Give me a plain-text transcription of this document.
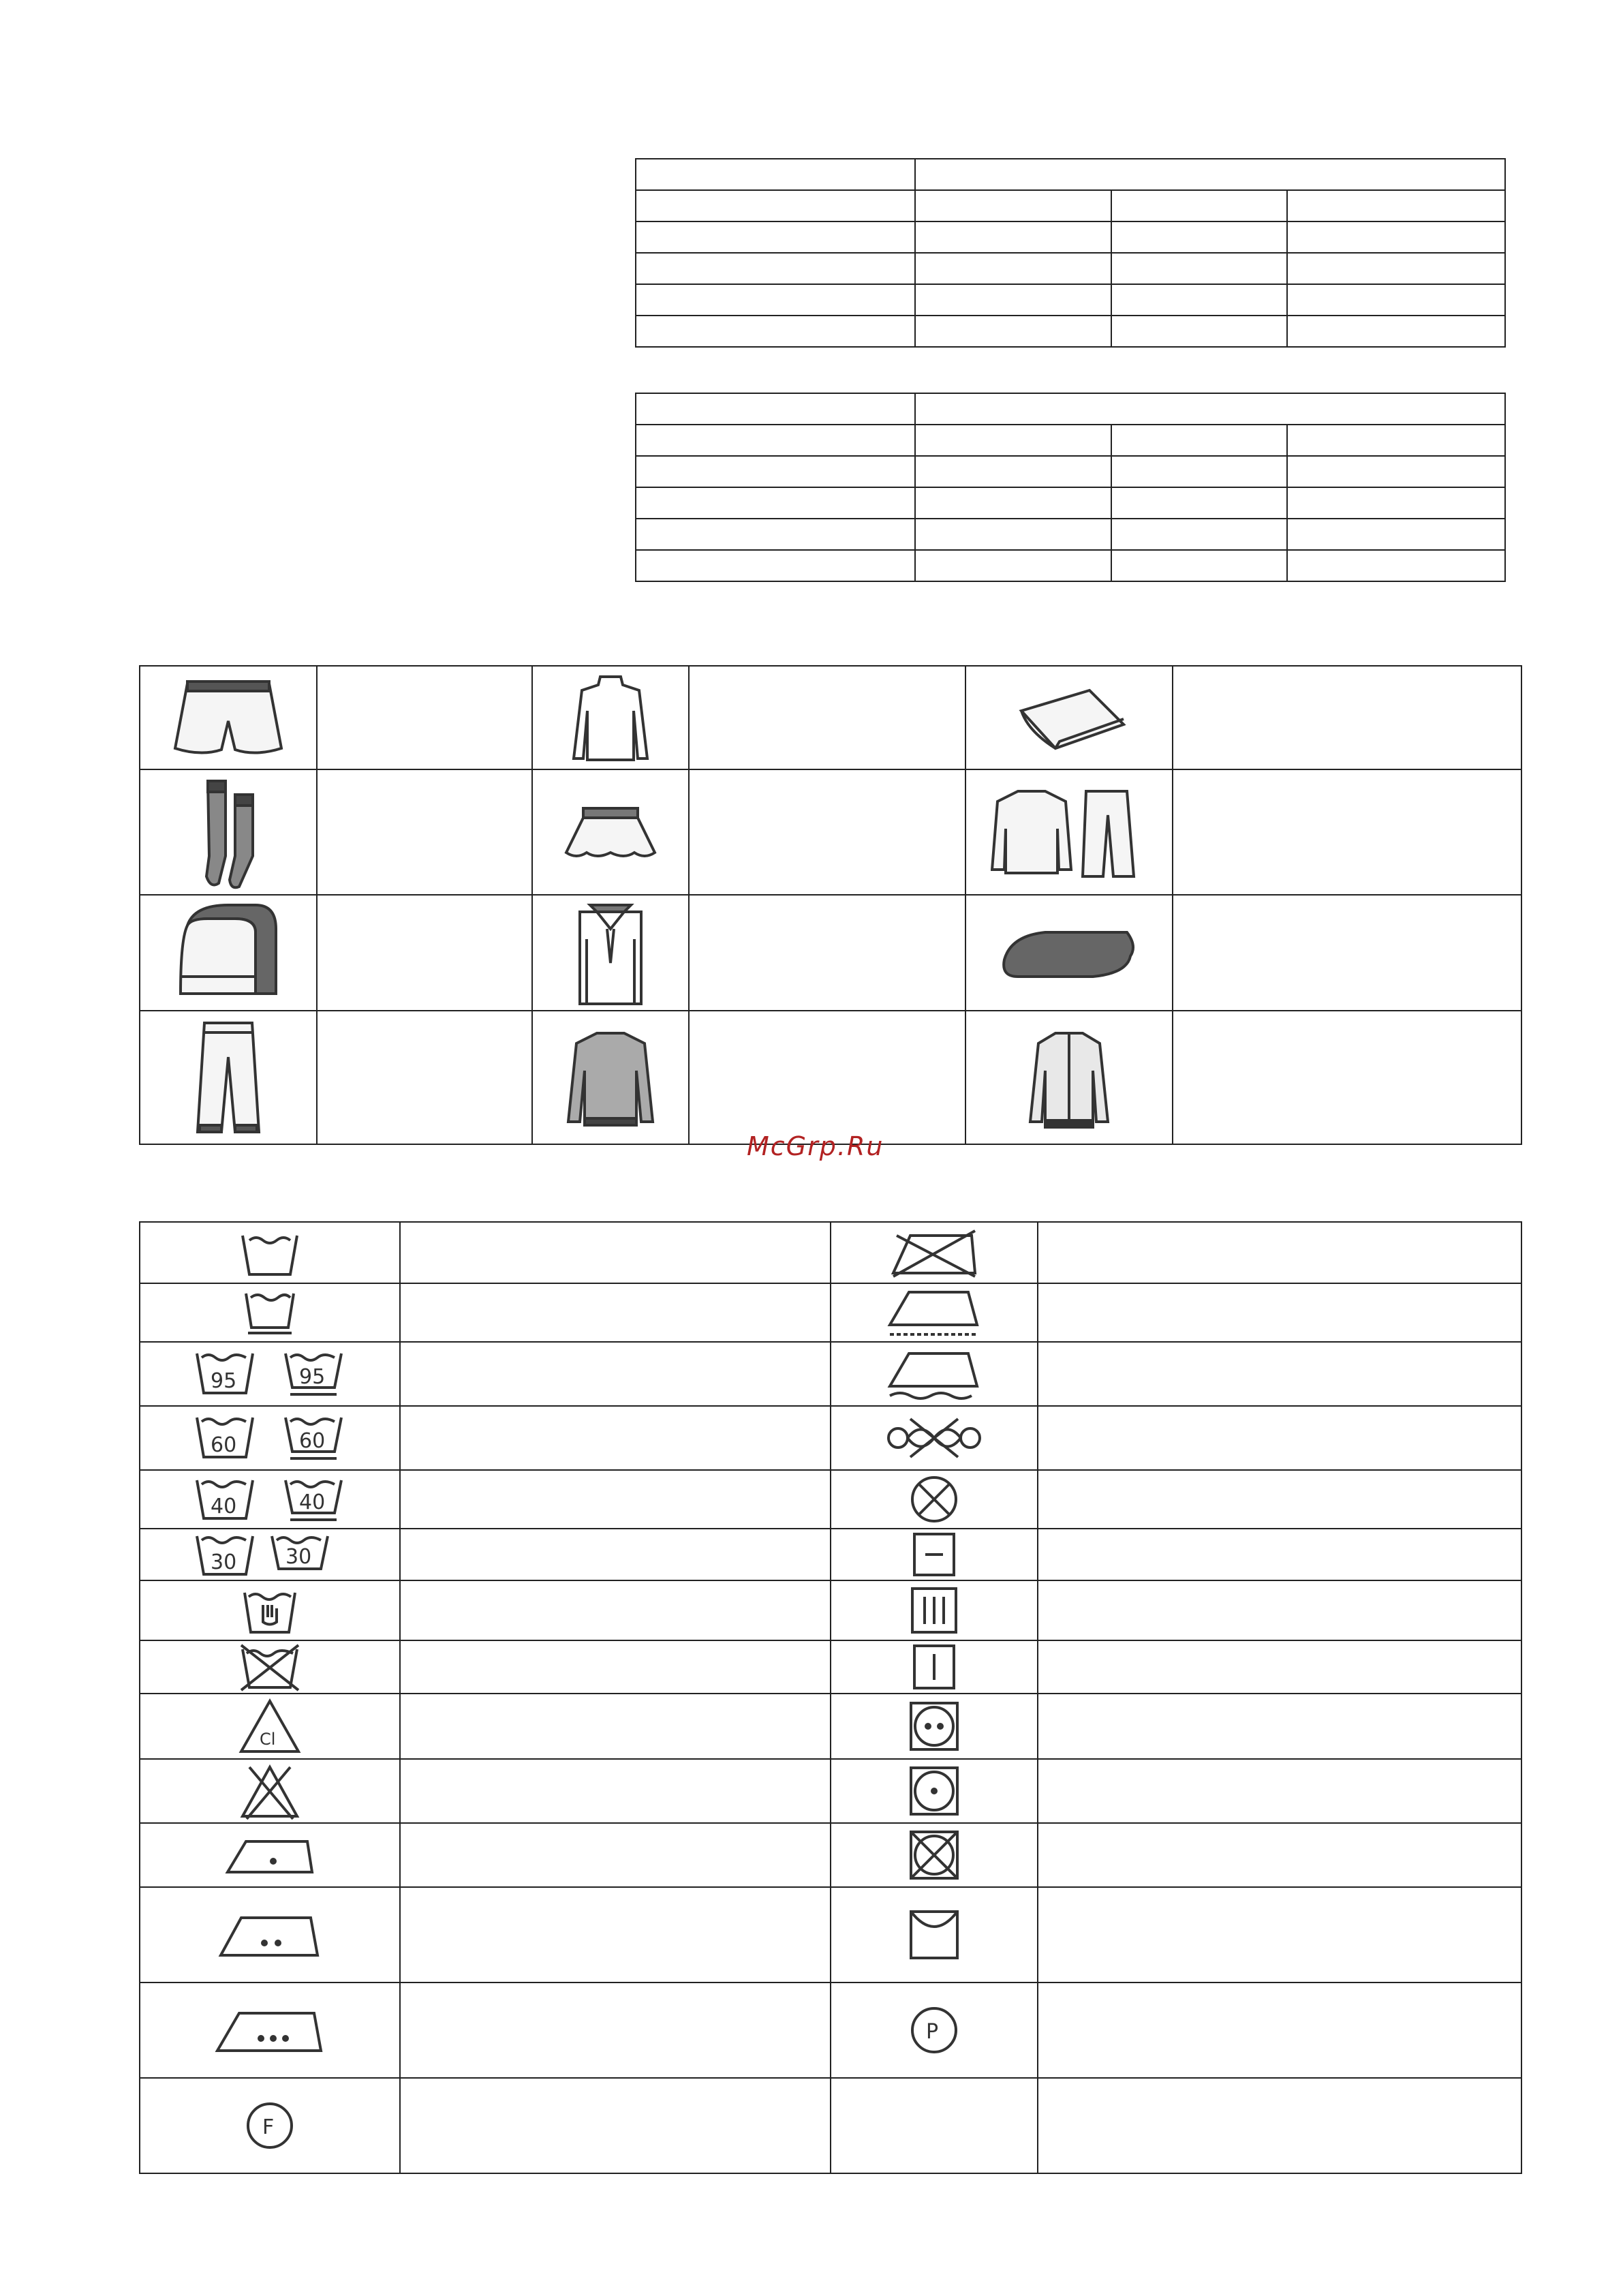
McGrp.Ru

95 95

60 60

40 40

30 30

Cl

P	

F			
